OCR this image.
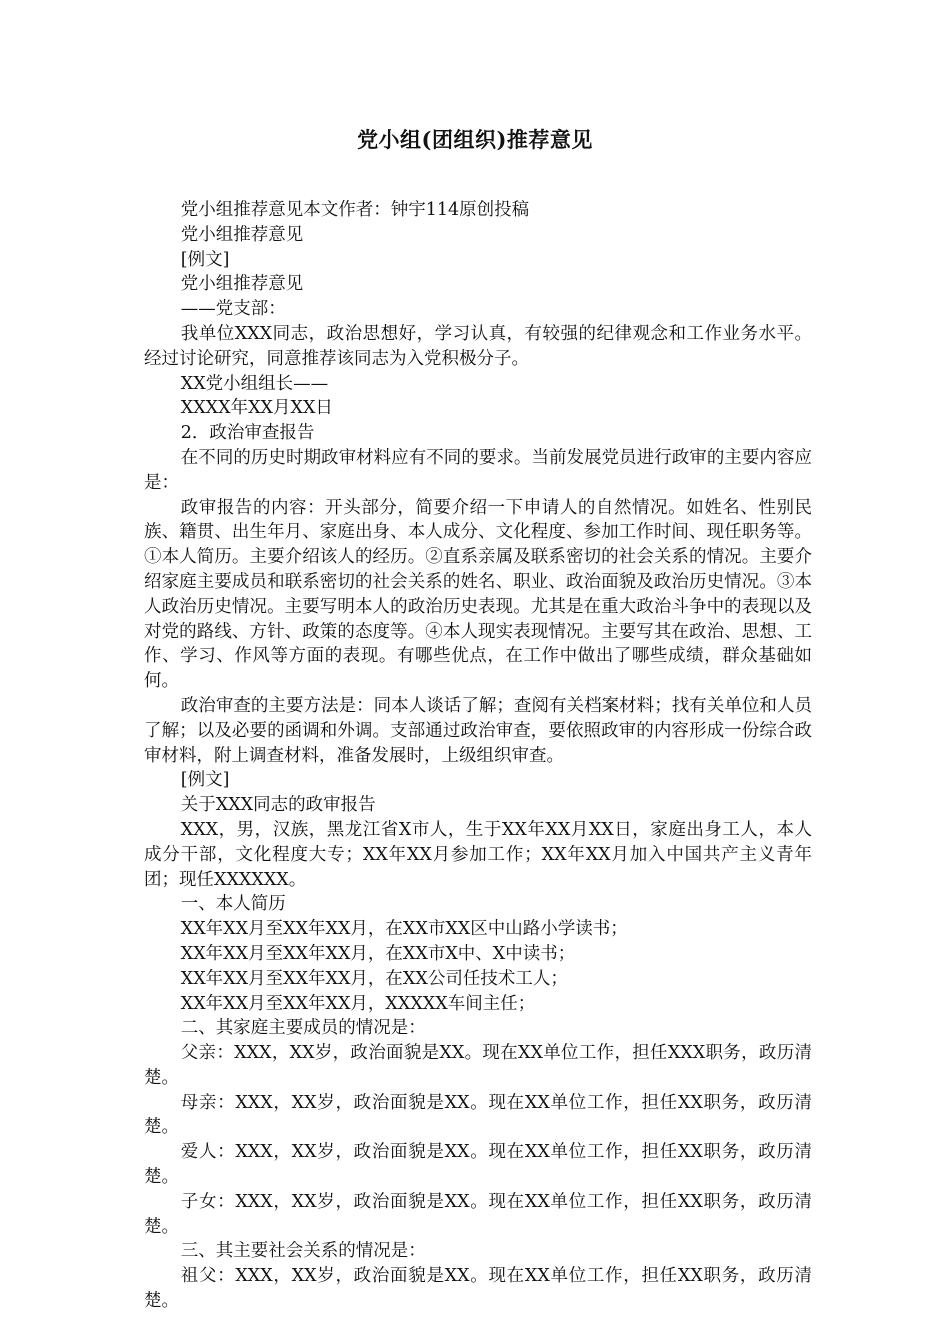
党小组(团组织)推荐意见

党小组推荐意见本文作者：钟宇114原创投稿

党小组推荐意见

[例文]

党小组推荐意见

——党支部：

我单位XXX同志，政治思想好，学习认真，有较强的纪律观念和工作业务水平。经过讨论研究，同意推荐该同志为入党积极分子。

XX党小组组长——

XXXX年XX月XX日

2．政治审查报告

在不同的历史时期政审材料应有不同的要求。当前发展党员进行政审的主要内容应是：

政审报告的内容：开头部分，简要介绍一下申请人的自然情况。如姓名、性别民族、籍贯、出生年月、家庭出身、本人成分、文化程度、参加工作时间、现任职务等。①本人简历。主要介绍该人的经历。②直系亲属及联系密切的社会关系的情况。主要介绍家庭主要成员和联系密切的社会关系的姓名、职业、政治面貌及政治历史情况。③本人政治历史情况。主要写明本人的政治历史表现。尤其是在重大政治斗争中的表现以及对党的路线、方针、政策的态度等。④本人现实表现情况。主要写其在政治、思想、工作、学习、作风等方面的表现。有哪些优点，在工作中做出了哪些成绩，群众基础如何。

政治审查的主要方法是：同本人谈话了解；查阅有关档案材料；找有关单位和人员了解；以及必要的函调和外调。支部通过政治审查，要依照政审的内容形成一份综合政审材料，附上调查材料，准备发展时，上级组织审查。

[例文]

关于XXX同志的政审报告

XXX，男，汉族，黑龙江省X市人，生于XX年XX月XX日，家庭出身工人，本人成分干部，文化程度大专；XX年XX月参加工作；XX年XX月加入中国共产主义青年团；现任XXXXXX。

一、本人简历

XX年XX月至XX年XX月，在XX市XX区中山路小学读书；

XX年XX月至XX年XX月，在XX市X中、X中读书；

XX年XX月至XX年XX月，在XX公司任技术工人；

XX年XX月至XX年XX月，XXXXX车间主任；

二、其家庭主要成员的情况是：

父亲：XXX，XX岁，政治面貌是XX。现在XX单位工作，担任XXX职务，政历清楚。

母亲：XXX，XX岁，政治面貌是XX。现在XX单位工作，担任XX职务，政历清楚。

爱人：XXX，XX岁，政治面貌是XX。现在XX单位工作，担任XX职务，政历清楚。

子女：XXX，XX岁，政治面貌是XX。现在XX单位工作，担任XX职务，政历清楚。

三、其主要社会关系的情况是：

祖父：XXX，XX岁，政治面貌是XX。现在XX单位工作，担任XX职务，政历清楚。
